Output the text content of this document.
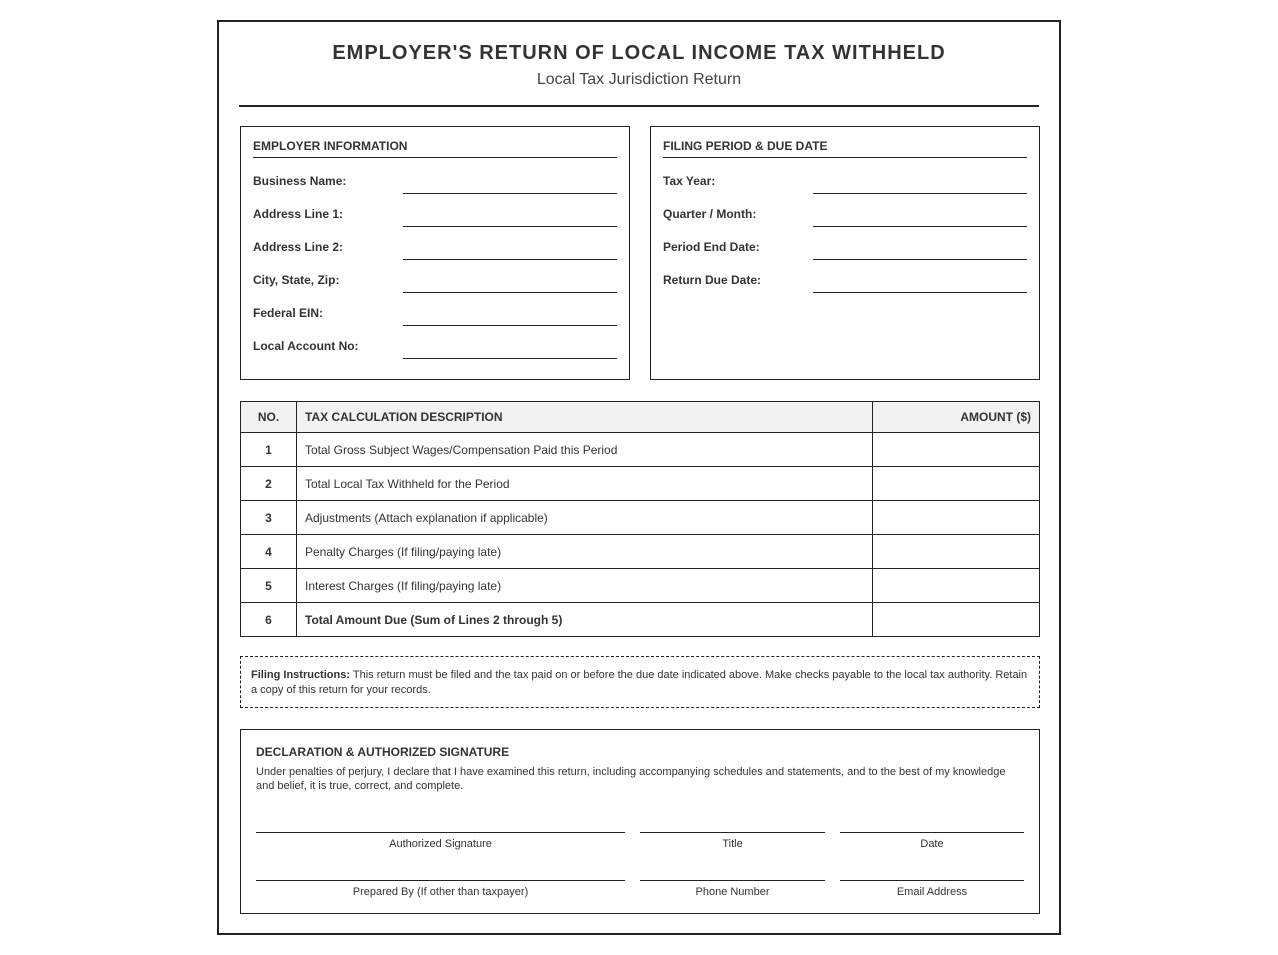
EMPLOYER'S RETURN OF LOCAL INCOME TAX WITHHELD
Local Tax Jurisdiction Return
EMPLOYER INFORMATION
Business Name:
Address Line 1:
Address Line 2:
City, State, Zip:
Federal EIN:
Local Account No:
FILING PERIOD & DUE DATE
Tax Year:
Quarter / Month:
Period End Date:
Return Due Date:
NO.	TAX CALCULATION DESCRIPTION	AMOUNT ($)
1	Total Gross Subject Wages/Compensation Paid this Period	
2	Total Local Tax Withheld for the Period	
3	Adjustments (Attach explanation if applicable)	
4	Penalty Charges (If filing/paying late)	
5	Interest Charges (If filing/paying late)	
6	Total Amount Due (Sum of Lines 2 through 5)	
Filing Instructions: This return must be filed and the tax paid on or before the due date indicated above. Make checks payable to the local tax authority. Retain a copy of this return for your records.
DECLARATION & AUTHORIZED SIGNATURE
Under penalties of perjury, I declare that I have examined this return, including accompanying schedules and statements, and to the best of my knowledge and belief, it is true, correct, and complete.
Authorized Signature	Title	Date
Prepared By (If other than taxpayer)	Phone Number	Email Address
